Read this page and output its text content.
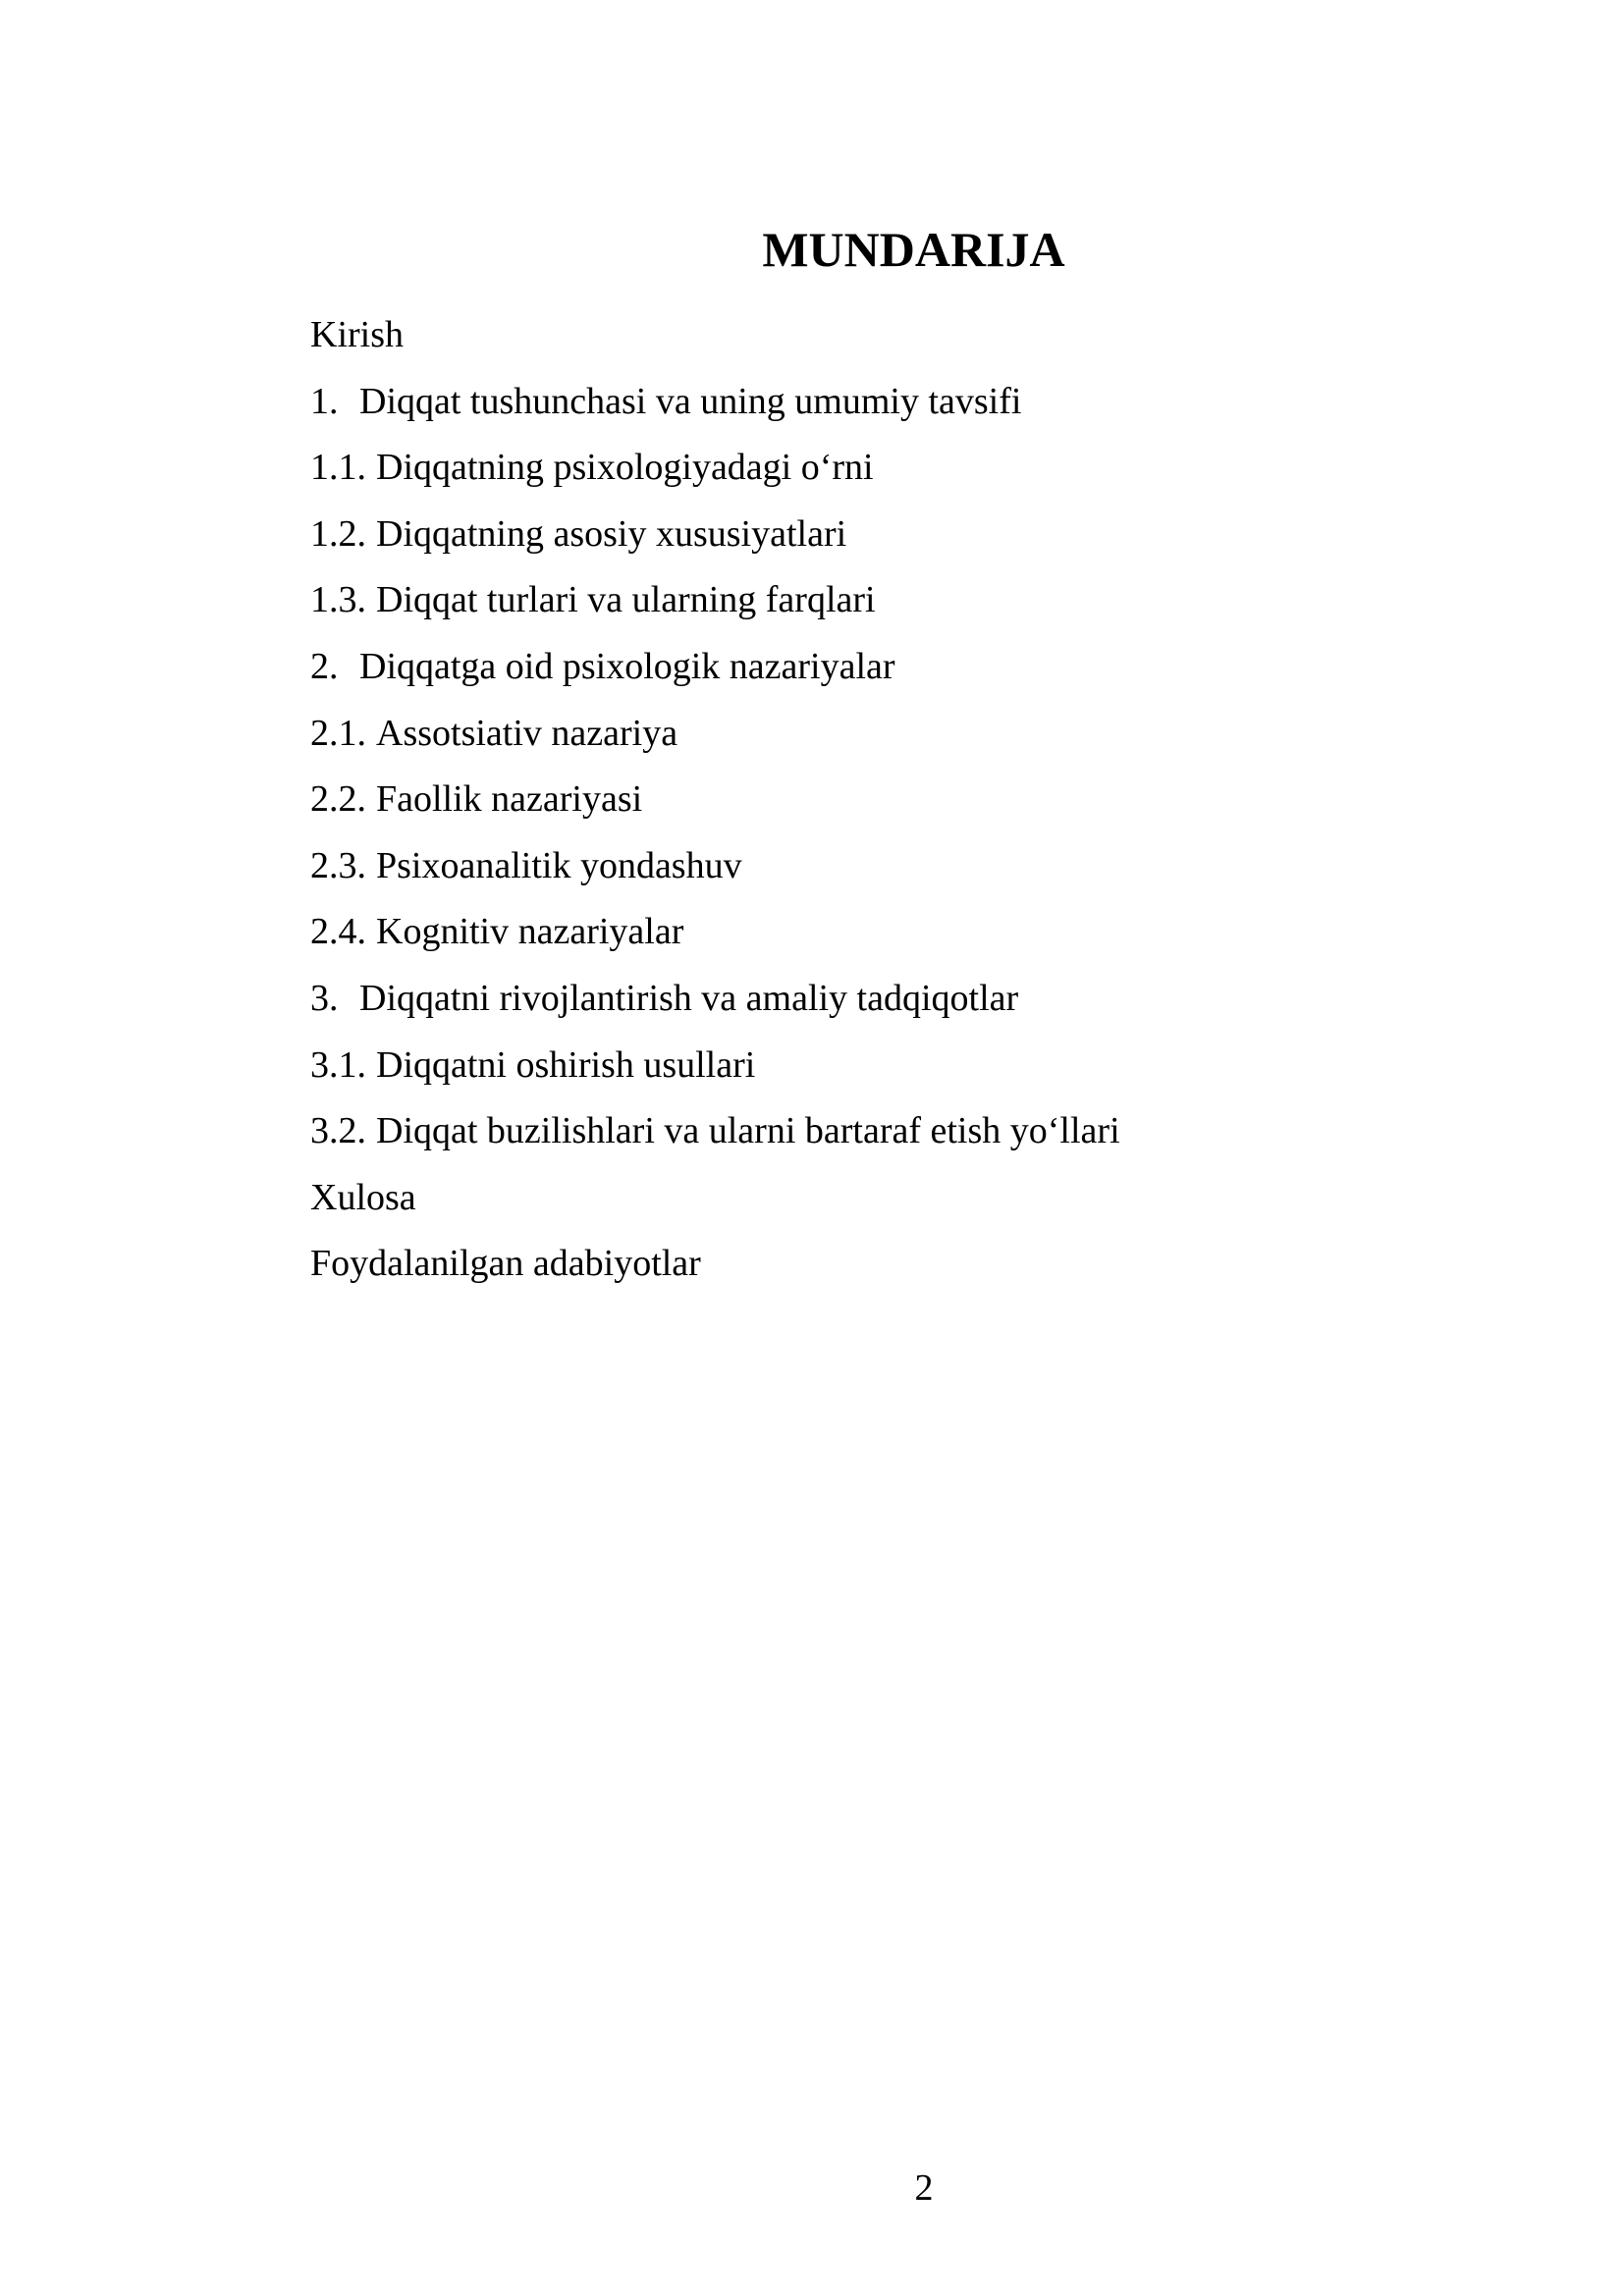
MUNDARIJA
Kirish
1. Diqqat tushunchasi va uning umumiy tavsifi
1.1. Diqqatning psixologiyadagi o‘rni
1.2. Diqqatning asosiy xususiyatlari
1.3. Diqqat turlari va ularning farqlari
2. Diqqatga oid psixologik nazariyalar
2.1. Assotsiativ nazariya
2.2. Faollik nazariyasi
2.3. Psixoanalitik yondashuv
2.4. Kognitiv nazariyalar
3. Diqqatni rivojlantirish va amaliy tadqiqotlar
3.1. Diqqatni oshirish usullari
3.2. Diqqat buzilishlari va ularni bartaraf etish yo‘llari
Xulosa
Foydalanilgan adabiyotlar
2
